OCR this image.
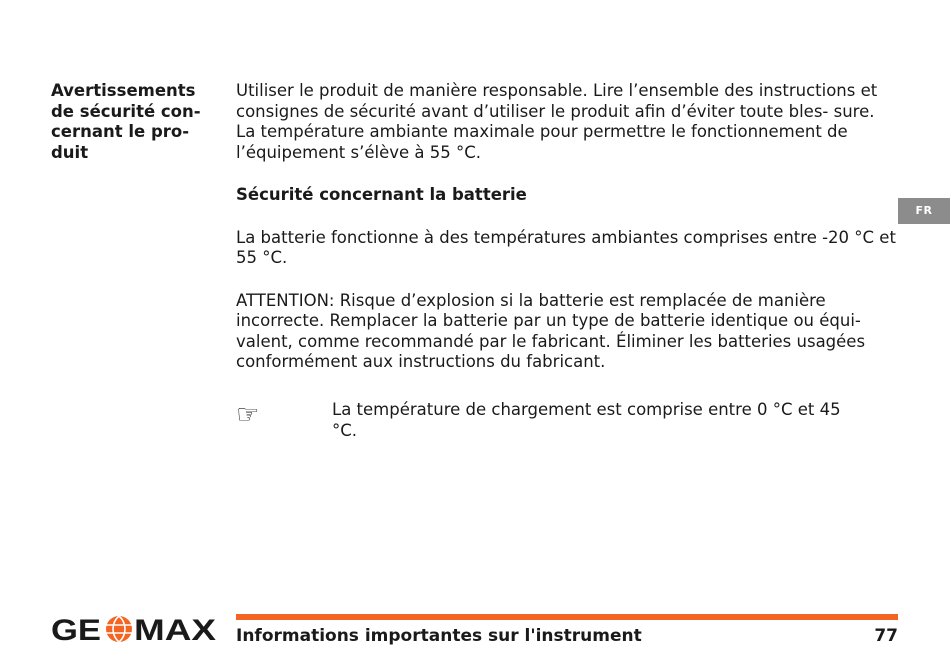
Avertissements de sécurité con- cernant le pro- duit

Utiliser le produit de manière responsable. Lire l’ensemble des instructions et consignes de sécurité avant d’utiliser le produit afin d’éviter toute bles- sure. La température ambiante maximale pour permettre le fonctionnement de l’équipement s’élève à 55 °C.

Sécurité concernant la batterie

La batterie fonctionne à des températures ambiantes comprises entre -20 °C et 55 °C.

ATTENTION: Risque d’explosion si la batterie est remplacée de manière incorrecte. Remplacer la batterie par un type de batterie identique ou équi- valent, comme recommandé par le fabricant. Éliminer les batteries usagées conformément aux instructions du fabricant.

☞	La température de chargement est comprise entre 0 °C et 45 °C.
FR
GE MAX Informations importantes sur l'instrument	77
